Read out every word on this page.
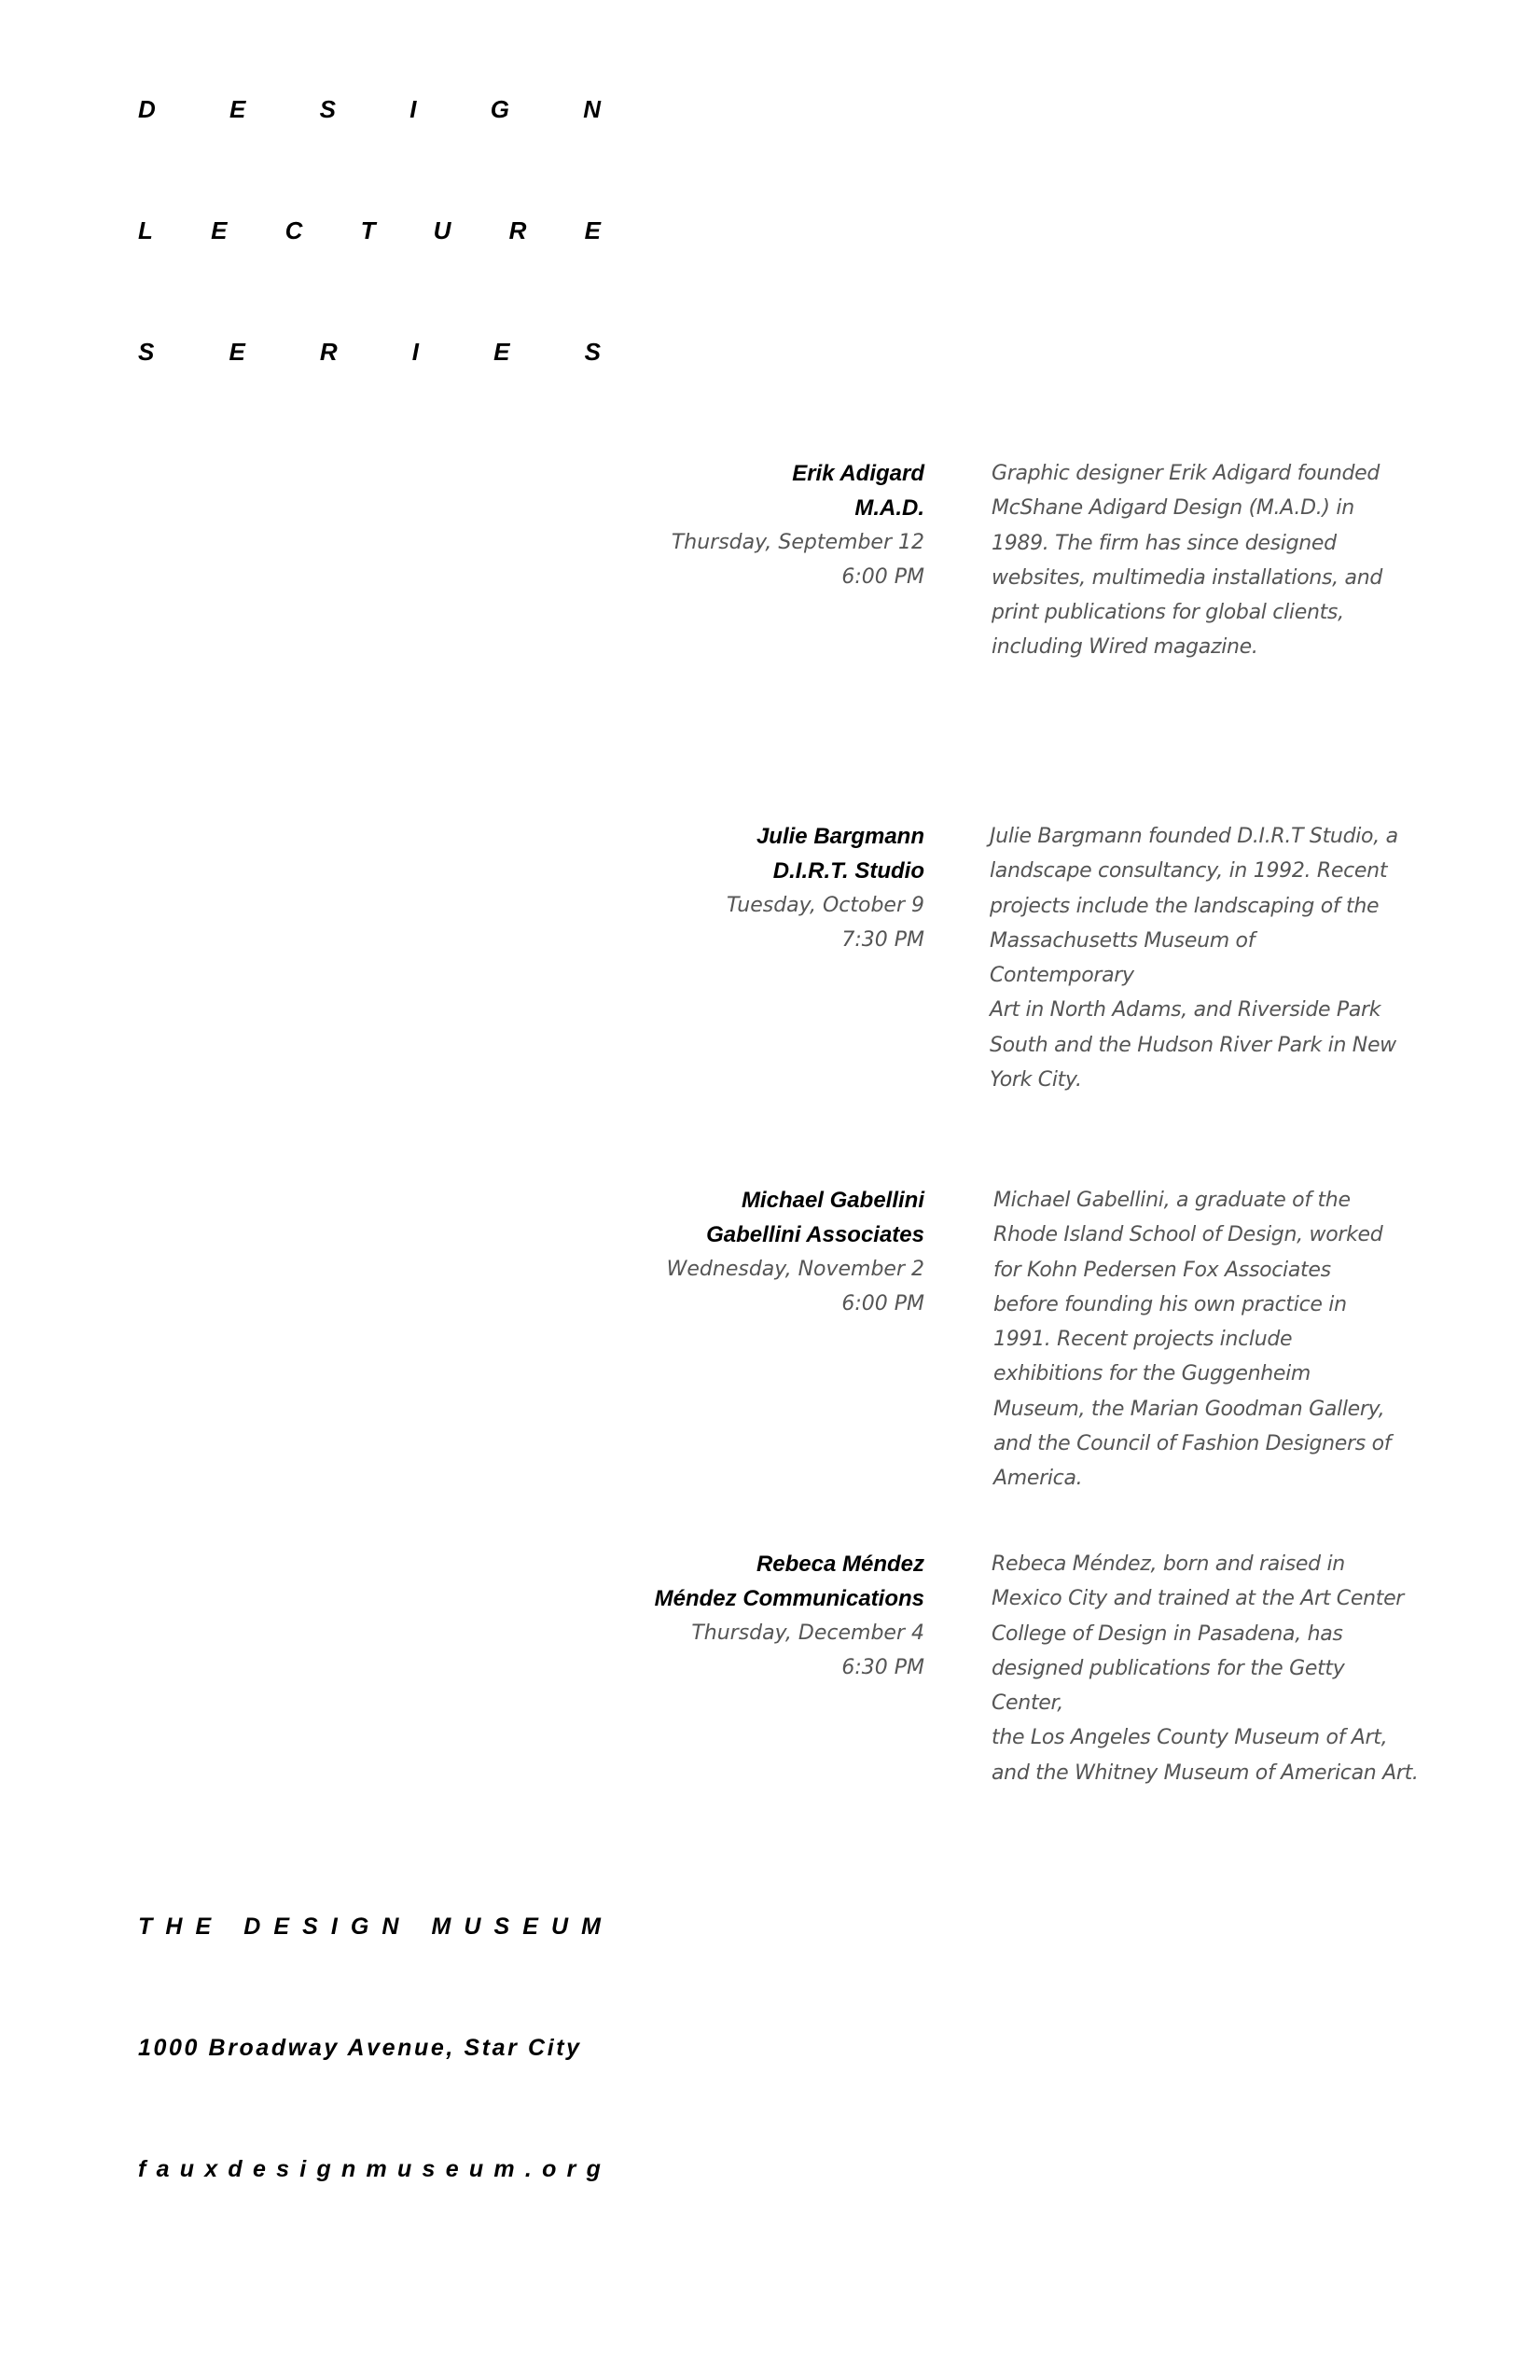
D	E	S	I	G	N
L E C T U R E
S	E	R	I	E	S
Erik Adigard
M.A.D.
Thursday, September 12
6:00 PM
Graphic designer Erik Adigard founded
McShane Adigard Design (M.A.D.) in
1989. The firm has since designed
websites, multimedia installations, and
print publications for global clients,
including Wired magazine.
Julie Bargmann
D.I.R.T. Studio
Tuesday, October 9
7:30 PM
Julie Bargmann founded D.I.R.T Studio, a
landscape consultancy, in 1992. Recent
projects include the landscaping of the
Massachusetts Museum of Contemporary
Art in North Adams, and Riverside Park
South and the Hudson River Park in New
York City.
Michael Gabellini
Gabellini Associates
Wednesday, November 2
6:00 PM
Michael Gabellini, a graduate of the
Rhode Island School of Design, worked
for Kohn Pedersen Fox Associates
before founding his own practice in
1991. Recent projects include
exhibitions for the Guggenheim
Museum, the Marian Goodman Gallery,
and the Council of Fashion Designers of
America.
Rebeca Méndez
Méndez Communications
Thursday, December 4
6:30 PM
Rebeca Méndez, born and raised in
Mexico City and trained at the Art Center
College of Design in Pasadena, has
designed publications for the Getty Center,
the Los Angeles County Museum of Art,
and the Whitney Museum of American Art.
T H E
D E S I G N
M U S E U M
1000 Broadway Avenue, Star City
f a u x d e s i g n m u s e u m . o r g
